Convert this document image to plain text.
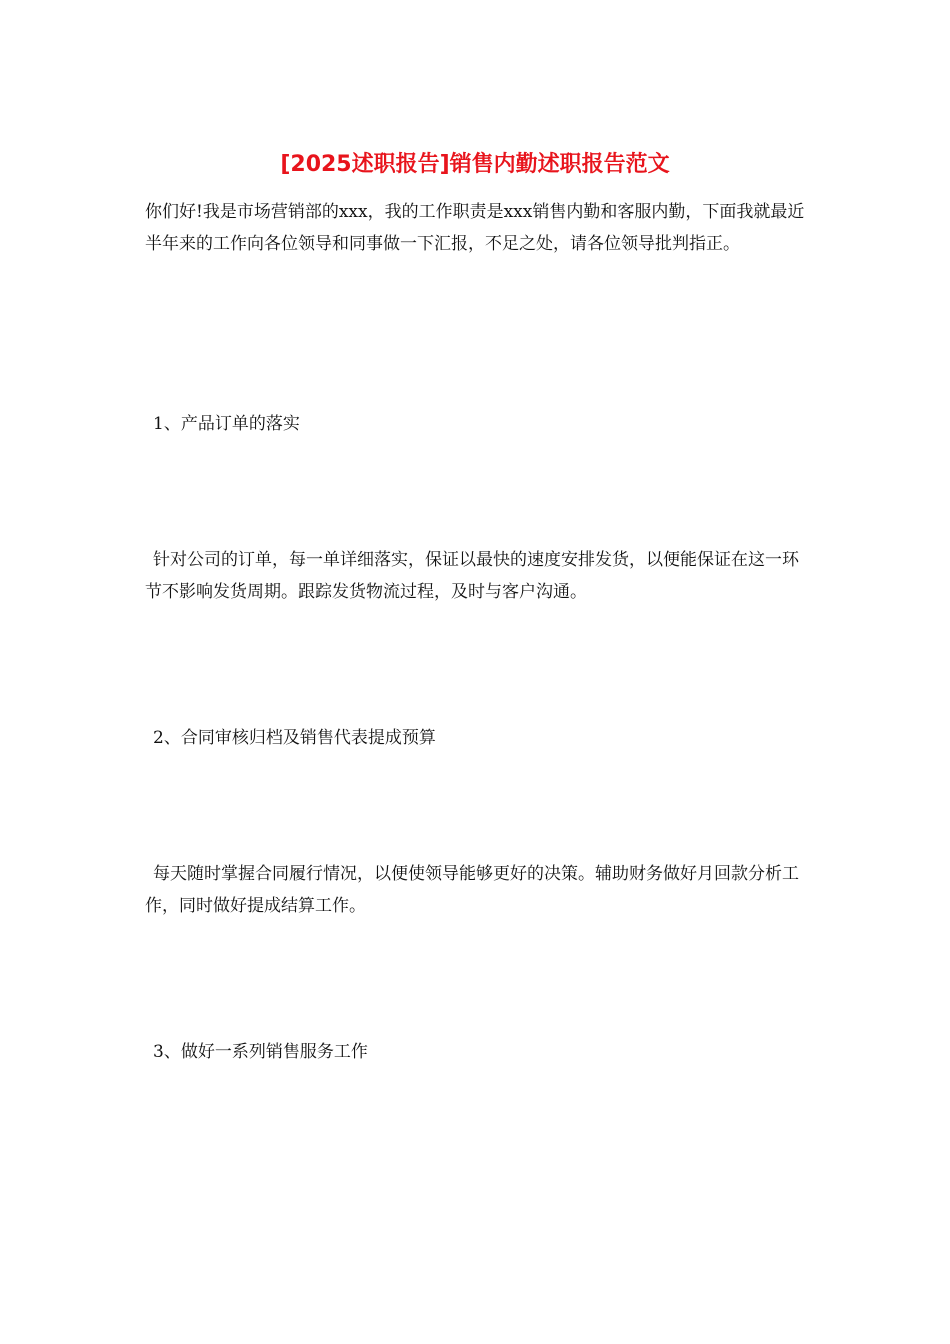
[2025述职报告]销售内勤述职报告范文

你们好!我是市场营销部的xxx，我的工作职责是xxx销售内勤和客服内勤，下面我就最近半年来的工作向各位领导和同事做一下汇报，不足之处，请各位领导批判指正。

1、产品订单的落实

针对公司的订单，每一单详细落实，保证以最快的速度安排发货，以便能保证在这一环节不影响发货周期。跟踪发货物流过程，及时与客户沟通。

2、合同审核归档及销售代表提成预算

每天随时掌握合同履行情况，以便使领导能够更好的决策。辅助财务做好月回款分析工作，同时做好提成结算工作。

3、做好一系列销售服务工作
